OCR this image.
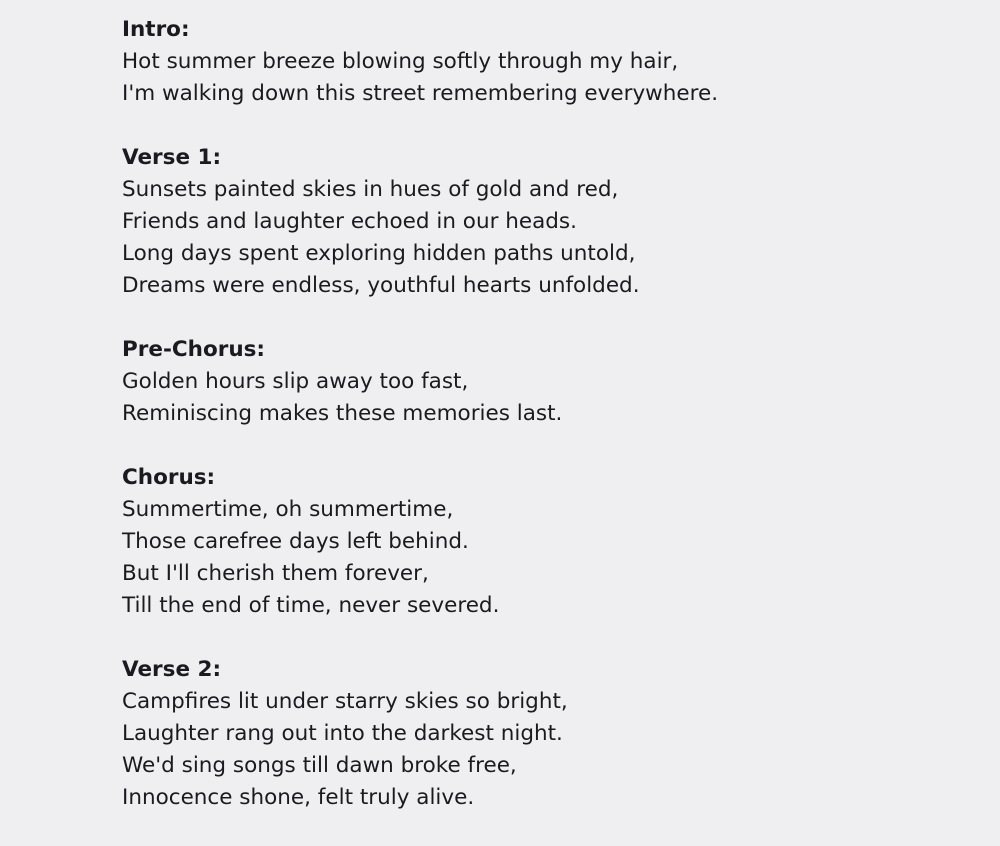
Intro:
Hot summer breeze blowing softly through my hair,
I'm walking down this street remembering everywhere.
Verse 1:
Sunsets painted skies in hues of gold and red,
Friends and laughter echoed in our heads.
Long days spent exploring hidden paths untold,
Dreams were endless, youthful hearts unfolded.
Pre-Chorus:
Golden hours slip away too fast,
Reminiscing makes these memories last.
Chorus:
Summertime, oh summertime,
Those carefree days left behind.
But I'll cherish them forever,
Till the end of time, never severed.
Verse 2:
Campfires lit under starry skies so bright,
Laughter rang out into the darkest night.
We'd sing songs till dawn broke free,
Innocence shone, felt truly alive.
